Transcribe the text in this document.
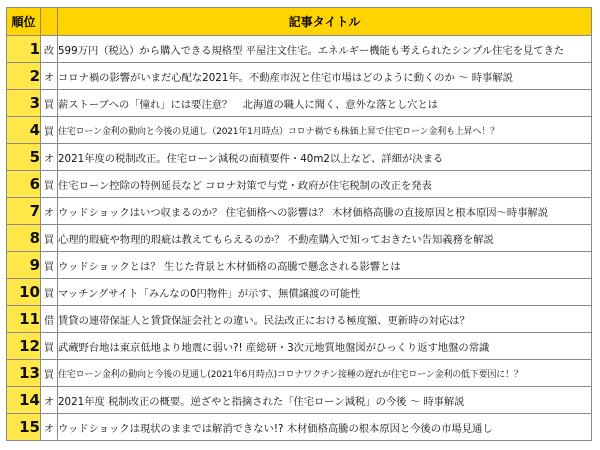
順位		記事タイトル
1	改	599万円（税込）から購入できる規格型 平屋注文住宅。エネルギー機能も考えられたシンプル住宅を見てきた
2	オ	コロナ禍の影響がいまだ心配な2021年。不動産市況と住宅市場はどのように動くのか ～ 時事解説
3	買	薪ストーブへの「憧れ」には要注意？　北海道の職人に聞く、意外な落とし穴とは
4	買	住宅ローン金利の動向と今後の見通し（2021年1月時点）コロナ禍でも株価上昇で住宅ローン金利も上昇へ！？
5	オ	2021年度の税制改正。住宅ローン減税の面積要件・40m2以上など、詳細が決まる
6	買	住宅ローン控除の特例延長など コロナ対策で与党・政府が住宅税制の改正を発表
7	オ	ウッドショックはいつ収まるのか？ 住宅価格への影響は？ 木材価格高騰の直接原因と根本原因～時事解説
8	買	心理的瑕疵や物理的瑕疵は教えてもらえるのか？ 不動産購入で知っておきたい告知義務を解説
9	買	ウッドショックとは？ 生じた背景と木材価格の高騰で懸念される影響とは
10	買	マッチングサイト「みんなの0円物件」が示す、無償譲渡の可能性
11	借	賃貸の連帯保証人と賃貸保証会社との違い。民法改正における極度額、更新時の対応は？
12	買	武蔵野台地は東京低地より地震に弱い?! 産総研・3次元地質地盤図がひっくり返す地盤の常識
13	買	住宅ローン金利の動向と今後の見通し(2021年6月時点)コロナワクチン接種の遅れが住宅ローン金利の低下要因に！？
14	オ	2021年度 税制改正の概要。逆ざやと指摘された「住宅ローン減税」の今後 ～ 時事解説
15	オ	ウッドショックは現状のままでは解消できない!? 木材価格高騰の根本原因と今後の市場見通し
